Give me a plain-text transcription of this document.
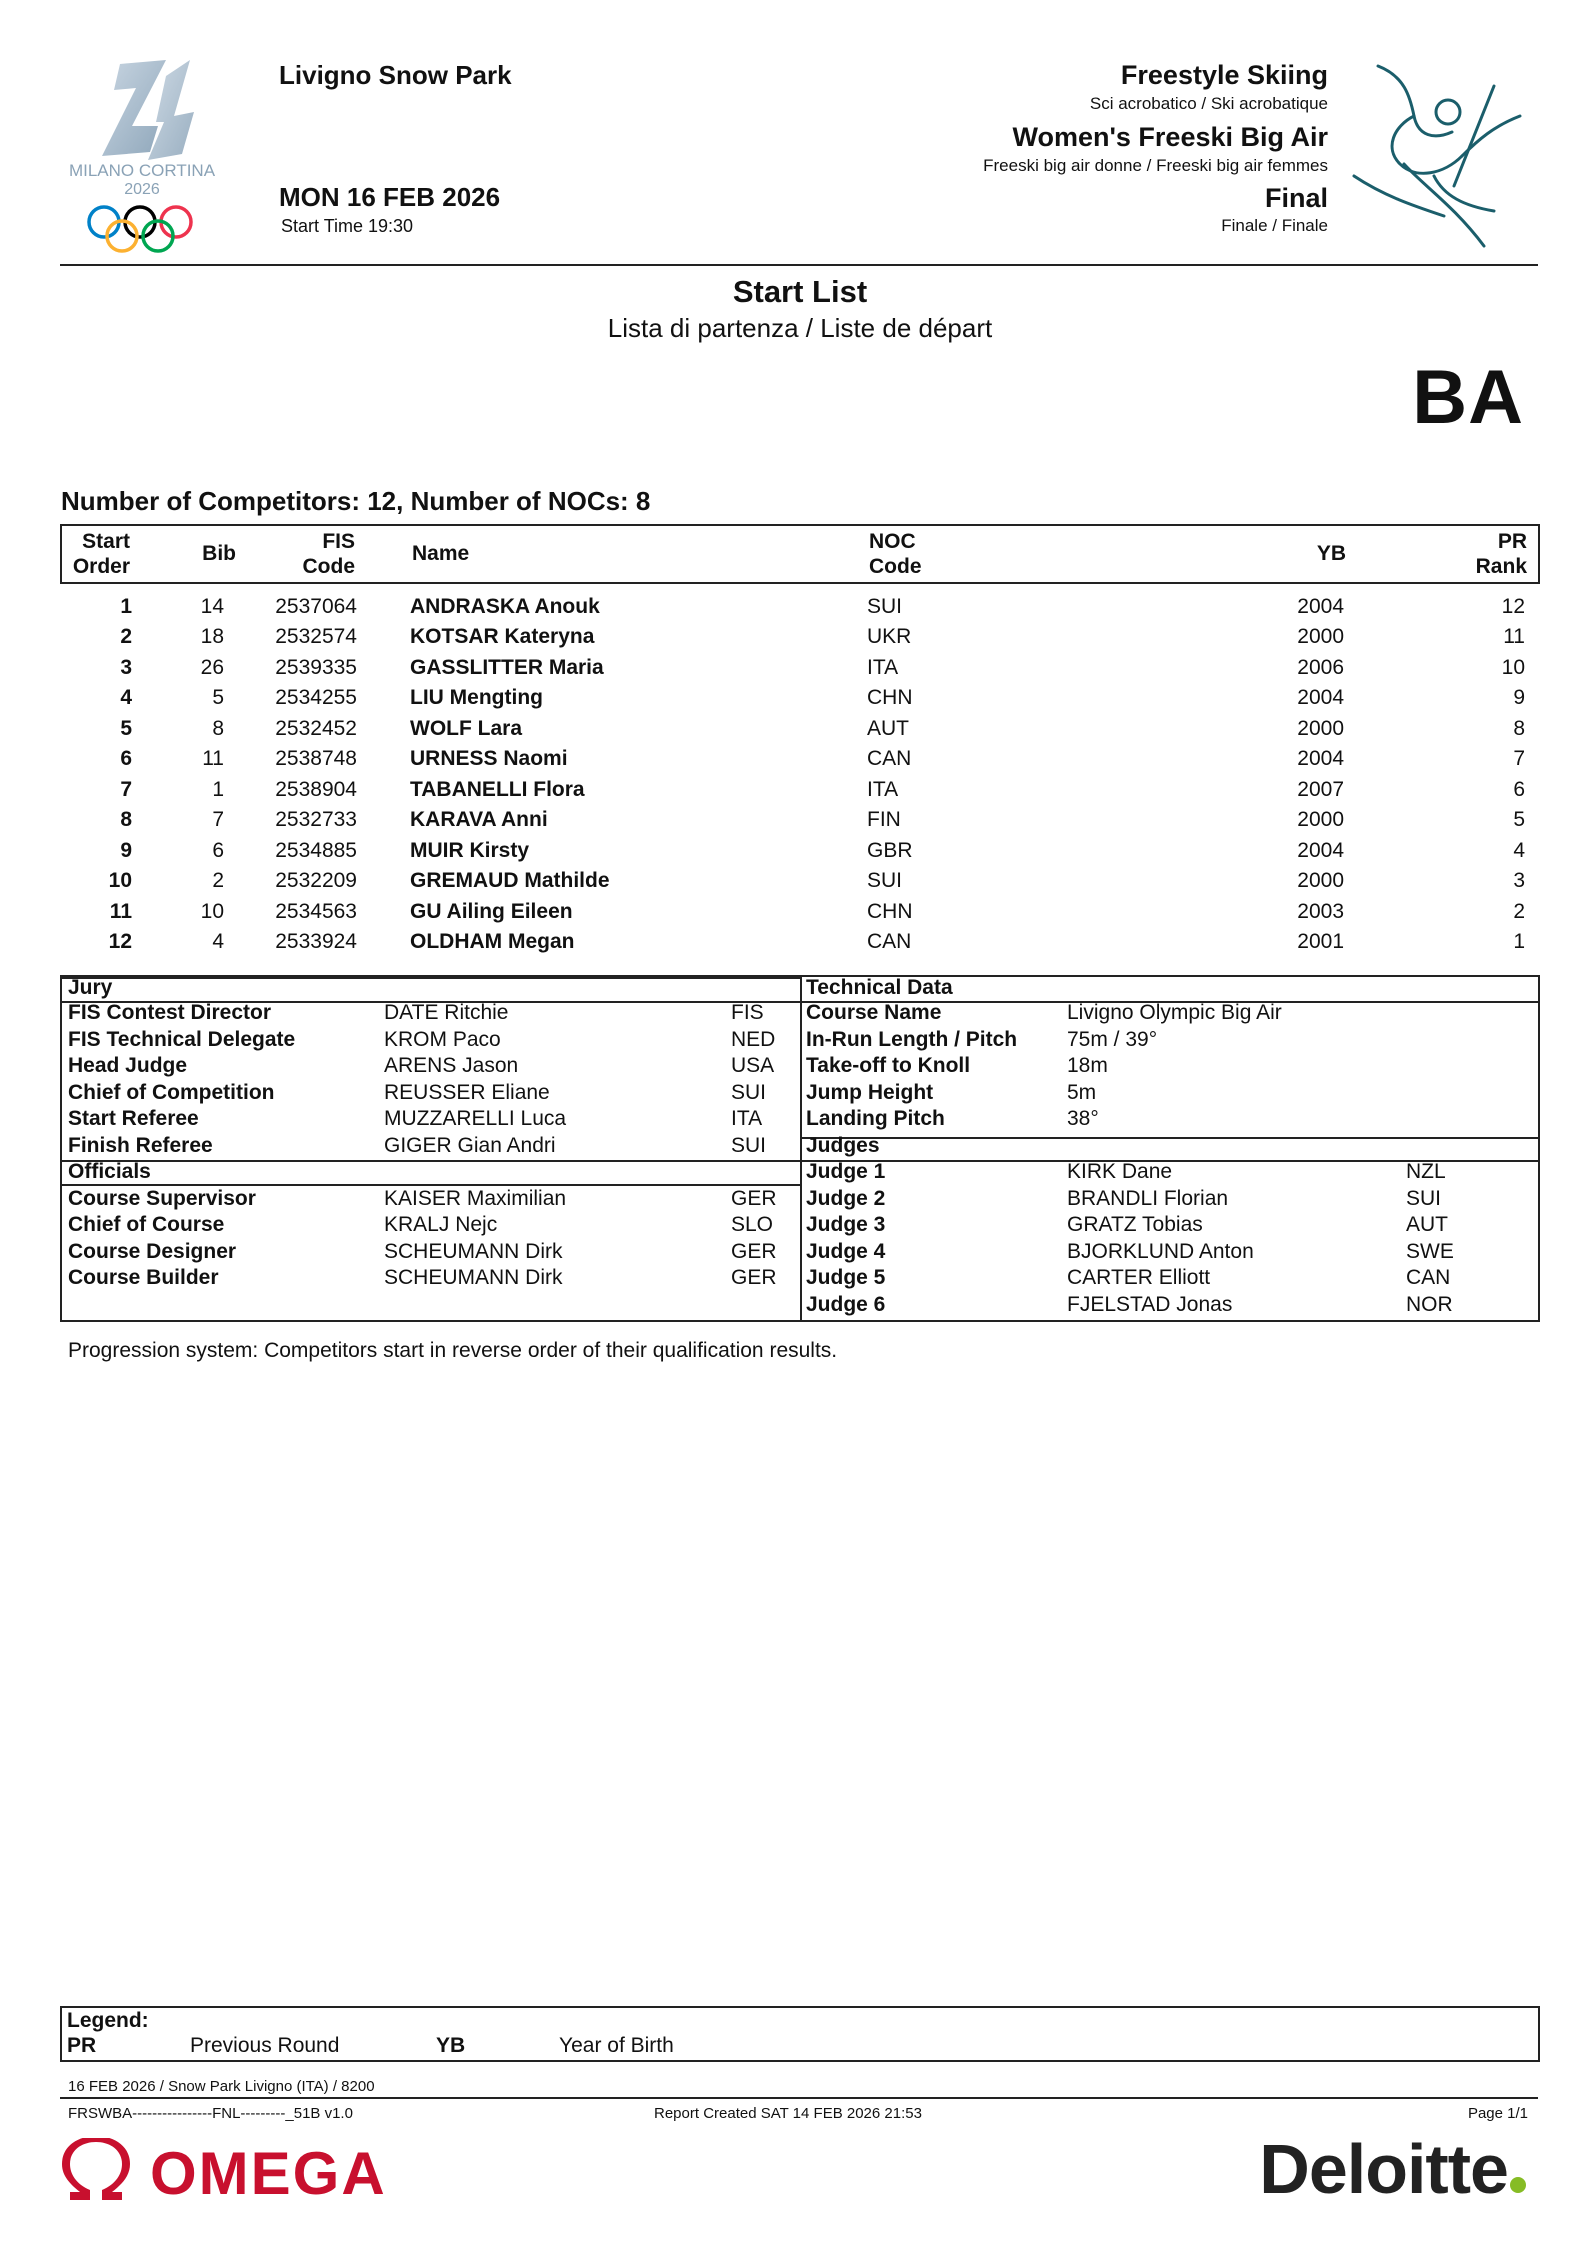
MILANO CORTINA
2026
Livigno Snow Park
MON 16 FEB 2026
Start Time 19:30
Freestyle Skiing
Sci acrobatico / Ski acrobatique
Women's Freeski Big Air
Freeski big air donne / Freeski big air femmes
Final
Finale / Finale
Start List
Lista di partenza / Liste de départ
BA
Number of Competitors: 12, Number of NOCs: 8
Start
Order
Bib
FIS
Code
Name
NOC
Code
YB
PR
Rank
1	14 2537064	ANDRASKA Anouk	SUI	2004	12
2	18 2532574	KOTSAR Kateryna	UKR	2000	11
3	26 2539335	GASSLITTER Maria	ITA	2006	10
4	5 2534255	LIU Mengting	CHN	2004	9
5	8 2532452	WOLF Lara	AUT	2000	8
6	11 2538748	URNESS Naomi	CAN	2004	7
7	1 2538904	TABANELLI Flora	ITA	2007	6
8	7 2532733	KARAVA Anni	FIN	2000	5
9	6 2534885	MUIR Kirsty	GBR	2004	4
10	2 2532209	GREMAUD Mathilde	SUI	2000	3
11	10 2534563	GU Ailing Eileen	CHN	2003	2
12	4 2533924	OLDHAM Megan	CAN	2001	1
Jury
FIS Contest Director	DATE Ritchie	FIS
FIS Technical Delegate	KROM Paco	NED
Head Judge	ARENS Jason	USA
Chief of Competition	REUSSER Eliane	SUI
Start Referee	MUZZARELLI Luca	ITA
Finish Referee	GIGER Gian Andri	SUI
Officials
Course Supervisor	KAISER Maximilian	GER
Chief of Course	KRALJ Nejc	SLO
Course Designer	SCHEUMANN Dirk	GER
Course Builder	SCHEUMANN Dirk	GER
Technical Data
Course Name	Livigno Olympic Big Air
In-Run Length / Pitch 75m / 39°
Take-off to Knoll	18m
Jump Height	5m
Landing Pitch	38°
Judges
Judge 1	KIRK Dane	NZL
Judge 2	BRANDLI Florian	SUI
Judge 3	GRATZ Tobias	AUT
Judge 4	BJORKLUND Anton	SWE
Judge 5	CARTER Elliott	CAN
Judge 6	FJELSTAD Jonas	NOR
Progression system: Competitors start in reverse order of their qualification results.
Legend:
PR	Previous Round	YB	Year of Birth
16 FEB 2026 / Snow Park Livigno (ITA) / 8200
FRSWBA----------------FNL---------_51B v1.0	Report Created SAT 14 FEB 2026 21:53	Page 1/1
OMEGA	Deloitte
